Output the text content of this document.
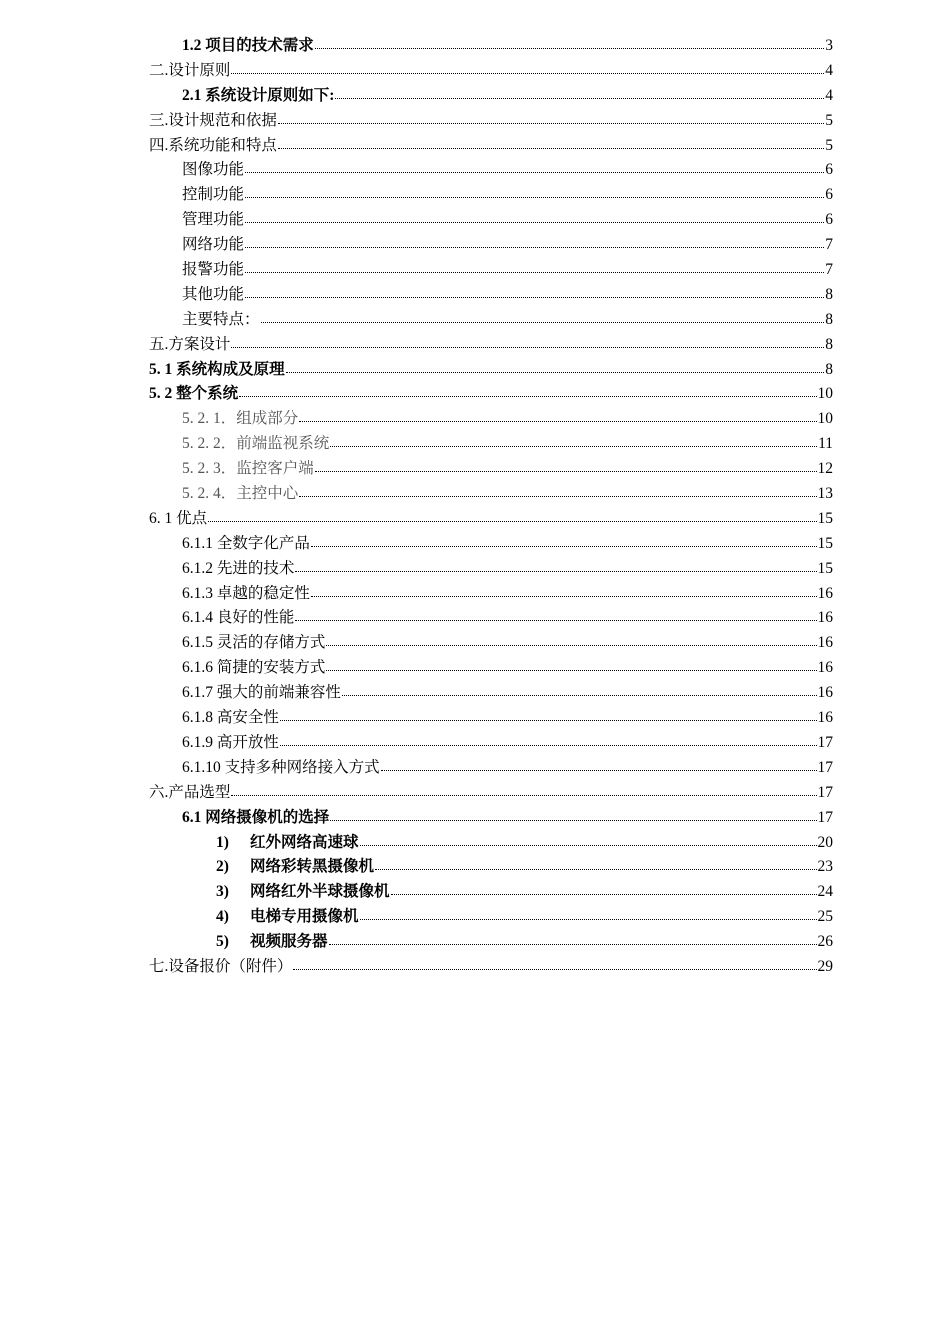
1.2 项目的技术需求	3
二.设计原则	4
2.1 系统设计原则如下:	4
三.设计规范和依据	5
四.系统功能和特点	5
图像功能	6
控制功能	6
管理功能	6
网络功能	7
报警功能	7
其他功能	8
主要特点：	8
五.方案设计	8
5. 1 系统构成及原理	8
5. 2 整个系统	10
5. 2. 1．组成部分	10
5. 2. 2．前端监视系统	11
5. 2. 3．监控客户端	12
5. 2. 4．主控中心	13
6. 1 优点	15
6.1.1 全数字化产品	15
6.1.2 先进的技术	15
6.1.3 卓越的稳定性	16
6.1.4 良好的性能	16
6.1.5 灵活的存储方式	16
6.1.6 简捷的安装方式	16
6.1.7 强大的前端兼容性	16
6.1.8 高安全性	16
6.1.9 高开放性	17
6.1.10 支持多种网络接入方式	17
六.产品选型	17
6.1 网络摄像机的选择	17
1) 红外网络高速球	20
2) 网络彩转黑摄像机	23
3) 网络红外半球摄像机	24
4) 电梯专用摄像机	25
5) 视频服务器	26
七.设备报价（附件）	29
